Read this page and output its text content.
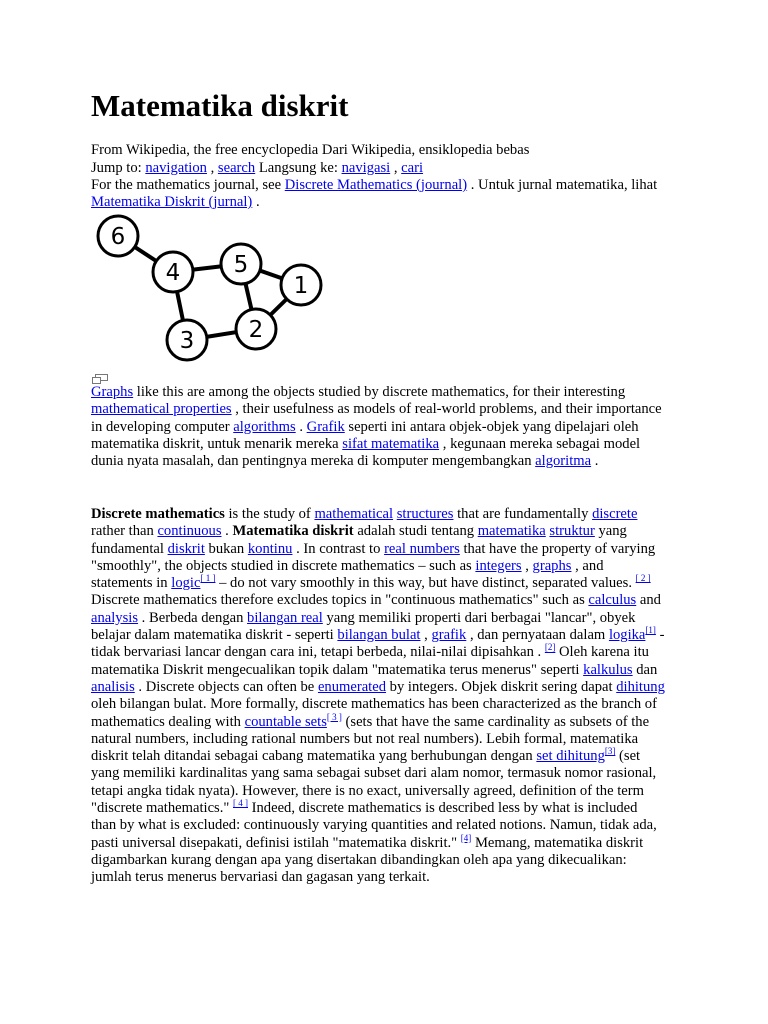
Matematika diskrit
From Wikipedia, the free encyclopedia Dari Wikipedia, ensiklopedia bebas
Jump to: navigation , search Langsung ke: navigasi , cari
For the mathematics journal, see Discrete Mathematics (journal) . Untuk jurnal matematika, lihat
Matematika Diskrit (jurnal) .
6
4 5
1
3 2

Graphs like this are among the objects studied by discrete mathematics, for their interesting mathematical properties , their usefulness as models of real-world problems, and their importance in developing computer algorithms . Grafik seperti ini antara objek-objek yang dipelajari oleh matematika diskrit, untuk menarik mereka sifat matematika , kegunaan mereka sebagai model dunia nyata masalah, dan pentingnya mereka di komputer mengembangkan algoritma .

Discrete mathematics is the study of mathematical structures that are fundamentally discrete rather than continuous . Matematika diskrit adalah studi tentang matematika struktur yang fundamental diskrit bukan kontinu . In contrast to real numbers that have the property of varying "smoothly", the objects studied in discrete mathematics – such as integers , graphs , and statements in logic[ 1 ] – do not vary smoothly in this way, but have distinct, separated values. [ 2 ] Discrete mathematics therefore excludes topics in "continuous mathematics" such as calculus and analysis . Berbeda dengan bilangan real yang memiliki properti dari berbagai "lancar", obyek belajar dalam matematika diskrit - seperti bilangan bulat , grafik , dan pernyataan dalam logika[1] - tidak bervariasi lancar dengan cara ini, tetapi berbeda, nilai-nilai dipisahkan . [2] Oleh karena itu matematika Diskrit mengecualikan topik dalam "matematika terus menerus" seperti kalkulus dan analisis . Discrete objects can often be enumerated by integers. Objek diskrit sering dapat dihitung oleh bilangan bulat. More formally, discrete mathematics has been characterized as the branch of mathematics dealing with countable sets[ 3 ] (sets that have the same cardinality as subsets of the natural numbers, including rational numbers but not real numbers). Lebih formal, matematika diskrit telah ditandai sebagai cabang matematika yang berhubungan dengan set dihitung[3] (set yang memiliki kardinalitas yang sama sebagai subset dari alam nomor, termasuk nomor rasional, tetapi angka tidak nyata). However, there is no exact, universally agreed, definition of the term "discrete mathematics." [ 4 ] Indeed, discrete mathematics is described less by what is included than by what is excluded: continuously varying quantities and related notions. Namun, tidak ada, pasti universal disepakati, definisi istilah "matematika diskrit." [4] Memang, matematika diskrit digambarkan kurang dengan apa yang disertakan dibandingkan oleh apa yang dikecualikan: jumlah terus menerus bervariasi dan gagasan yang terkait.
